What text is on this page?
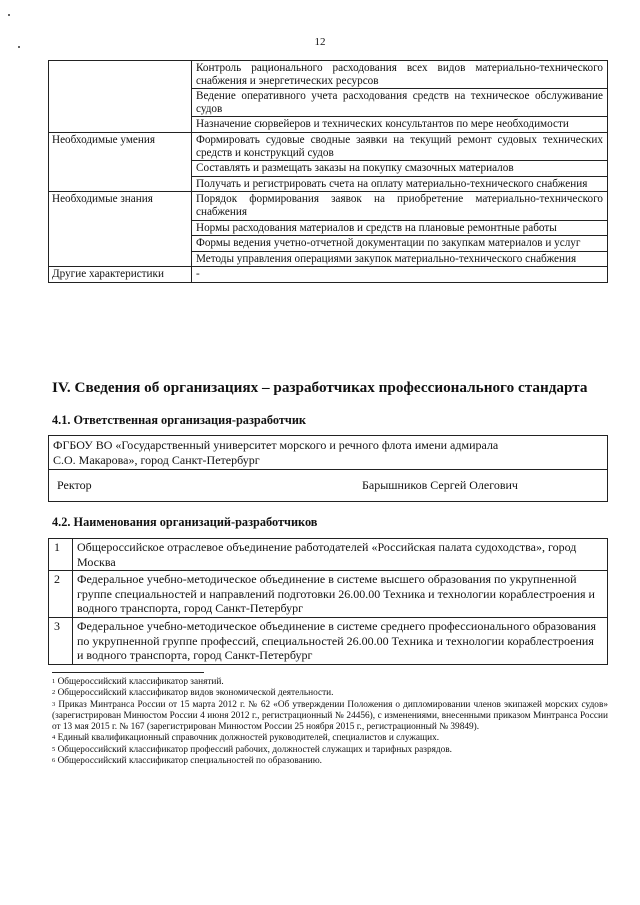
12
	Контроль рационального расходования всех видов материально-технического снабжения и энергетических ресурсов
	Ведение оперативного учета расходования средств на техническое обслуживание судов
	Назначение сюрвейеров и технических консультантов по мере необходимости
Необходимые умения	Формировать судовые сводные заявки на текущий ремонт судовых технических средств и конструкций судов
	Составлять и размещать заказы на покупку смазочных материалов
	Получать и регистрировать счета на оплату материально-технического снабжения
Необходимые знания	Порядок формирования заявок на приобретение материально-технического снабжения
	Нормы расходования материалов и средств на плановые ремонтные работы
	Формы ведения учетно-отчетной документации по закупкам материалов и услуг
	Методы управления операциями закупок материально-технического снабжения
Другие характеристики	-
IV. Сведения об организациях – разработчиках профессионального стандарта
4.1. Ответственная организация-разработчик
ФГБОУ ВО «Государственный университет морского и речного флота имени адмирала
С.О. Макарова», город Санкт-Петербург

Ректор	Барышников Сергей Олегович
4.2. Наименования организаций-разработчиков
1	Общероссийское отраслевое объединение работодателей «Российская палата судоходства», город Москва
2	Федеральное учебно-методическое объединение в системе высшего образования по укрупненной группе специальностей и направлений подготовки 26.00.00 Техника и технологии кораблестроения и водного транспорта, город Санкт-Петербург
3	Федеральное учебно-методическое объединение в системе среднего профессионального образования по укрупненной группе профессий, специальностей 26.00.00 Техника и технологии кораблестроения и водного транспорта, город Санкт-Петербург

$^1$ Общероссийский классификатор занятий.

$^2$ Общероссийский классификатор видов экономической деятельности.

$^3$ Приказ Минтранса России от 15 марта 2012 г. № 62 «Об утверждении Положения о дипломировании членов экипажей морских судов» (зарегистрирован Минюстом России 4 июня 2012 г., регистрационный № 24456), с изменениями, внесенными приказом Минтранса России от 13 мая 2015 г. № 167 (зарегистрирован Минюстом России 25 ноября 2015 г., регистрационный № 39849).

$^4$ Единый квалификационный справочник должностей руководителей, специалистов и служащих.

$^5$ Общероссийский классификатор профессий рабочих, должностей служащих и тарифных разрядов.

$^6$ Общероссийский классификатор специальностей по образованию.
